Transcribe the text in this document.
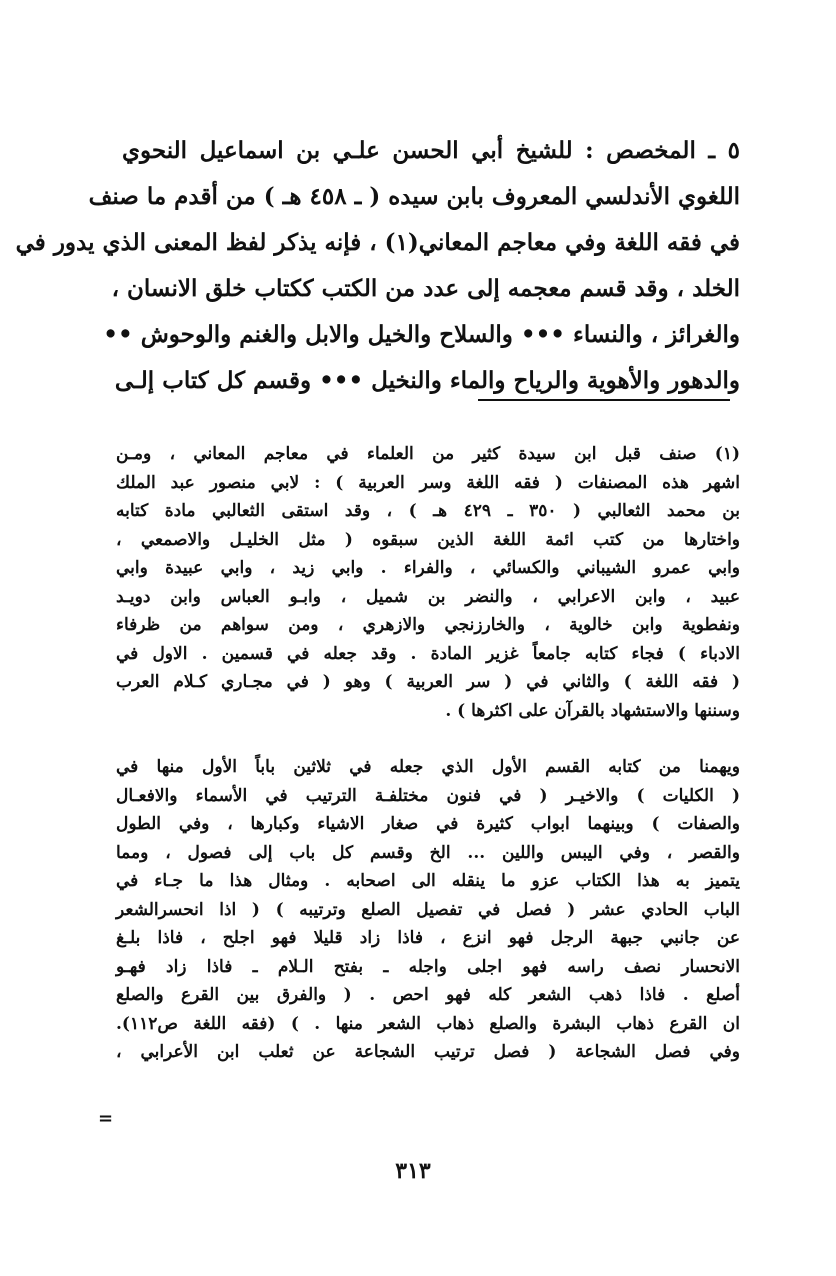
٥ ـ المخصص : للشيخ أبي الحسن علـي بن اسماعيل النحوي
اللغوي الأندلسي المعروف بابن سيده ( ـ ٤٥٨ هـ ) من أقدم ما صنف
في فقه اللغة وفي معاجم المعاني(١) ، فإنه يذكر لفظ المعنى الذي يدور في
الخلد ، وقد قسم معجمه إلى عدد من الكتب ككتاب خلق الانسان ،
والغرائز ، والنساء ••• والسلاح والخيل والابل والغنم والوحوش ••
والدهور والأهوية والرياح والماء والنخيل ••• وقسم كل كتاب إلـى
(١) صنف قبل ابن سيدة كثير من العلماء في معاجم المعاني ، ومـن
اشهر هذه المصنفات ( فقه اللغة وسر العربية ) : لابي منصور عبد الملك
بن محمد الثعالبي ( ٣٥٠ ـ ٤٢٩ هـ ) ، وقد استقى الثعالبي مادة كتابه
واختارها من كتب ائمة اللغة الذين سبقوه ( مثل الخليـل والاصمعي ،
وابي عمرو الشيباني والكسائي ، والفراء . وابي زيد ، وابي عبيدة وابي
عبيد ، وابن الاعرابي ، والنضر بن شميل ، وابـو العباس وابن دويـد
ونفطوية وابن خالوية ، والخارزنجي والازهري ، ومن سواهم من ظرفاء
الادباء ) فجاء كتابه جامعاً غزير المادة . وقد جعله في قسمين . الاول في
( فقه اللغة ) والثاني في ( سر العربية ) وهو ( في مجـاري كـلام العرب
وسننها والاستشهاد بالقرآن على اكثرها ) .
ويهمنا من كتابه القسم الأول الذي جعله في ثلاثين باباً الأول منها في
( الكليات ) والاخيـر ( في فنون مختلفـة الترتيب في الأسماء والافعـال
والصفات ) وبينهما ابواب كثيرة في صغار الاشياء وكبارها ، وفي الطول
والقصر ، وفي اليبس واللين ... الخ وقسم كل باب إلى فصول ، ومما
يتميز به هذا الكتاب عزو ما ينقله الى اصحابه . ومثال هذا ما جـاء في
الباب الحادي عشر ( فصل في تفصيل الصلع وترتيبه ) ( اذا انحسرالشعر
عن جانبي جبهة الرجل فهو انزع ، فاذا زاد قليلا فهو اجلح ، فاذا بلـغ
الانحسار نصف راسه فهو اجلى واجله ـ بفتح الـلام ـ فاذا زاد فهـو
أصلع . فاذا ذهب الشعر كله فهو احص . ( والفرق بين القرع والصلع
ان القرع ذهاب البشرة والصلع ذهاب الشعر منها . ) (فقه اللغة ص١١٢).
وفي فصل الشجاعة ( فصل ترتيب الشجاعة عن ثعلب ابن الأعرابي ،
=
٣١٣
